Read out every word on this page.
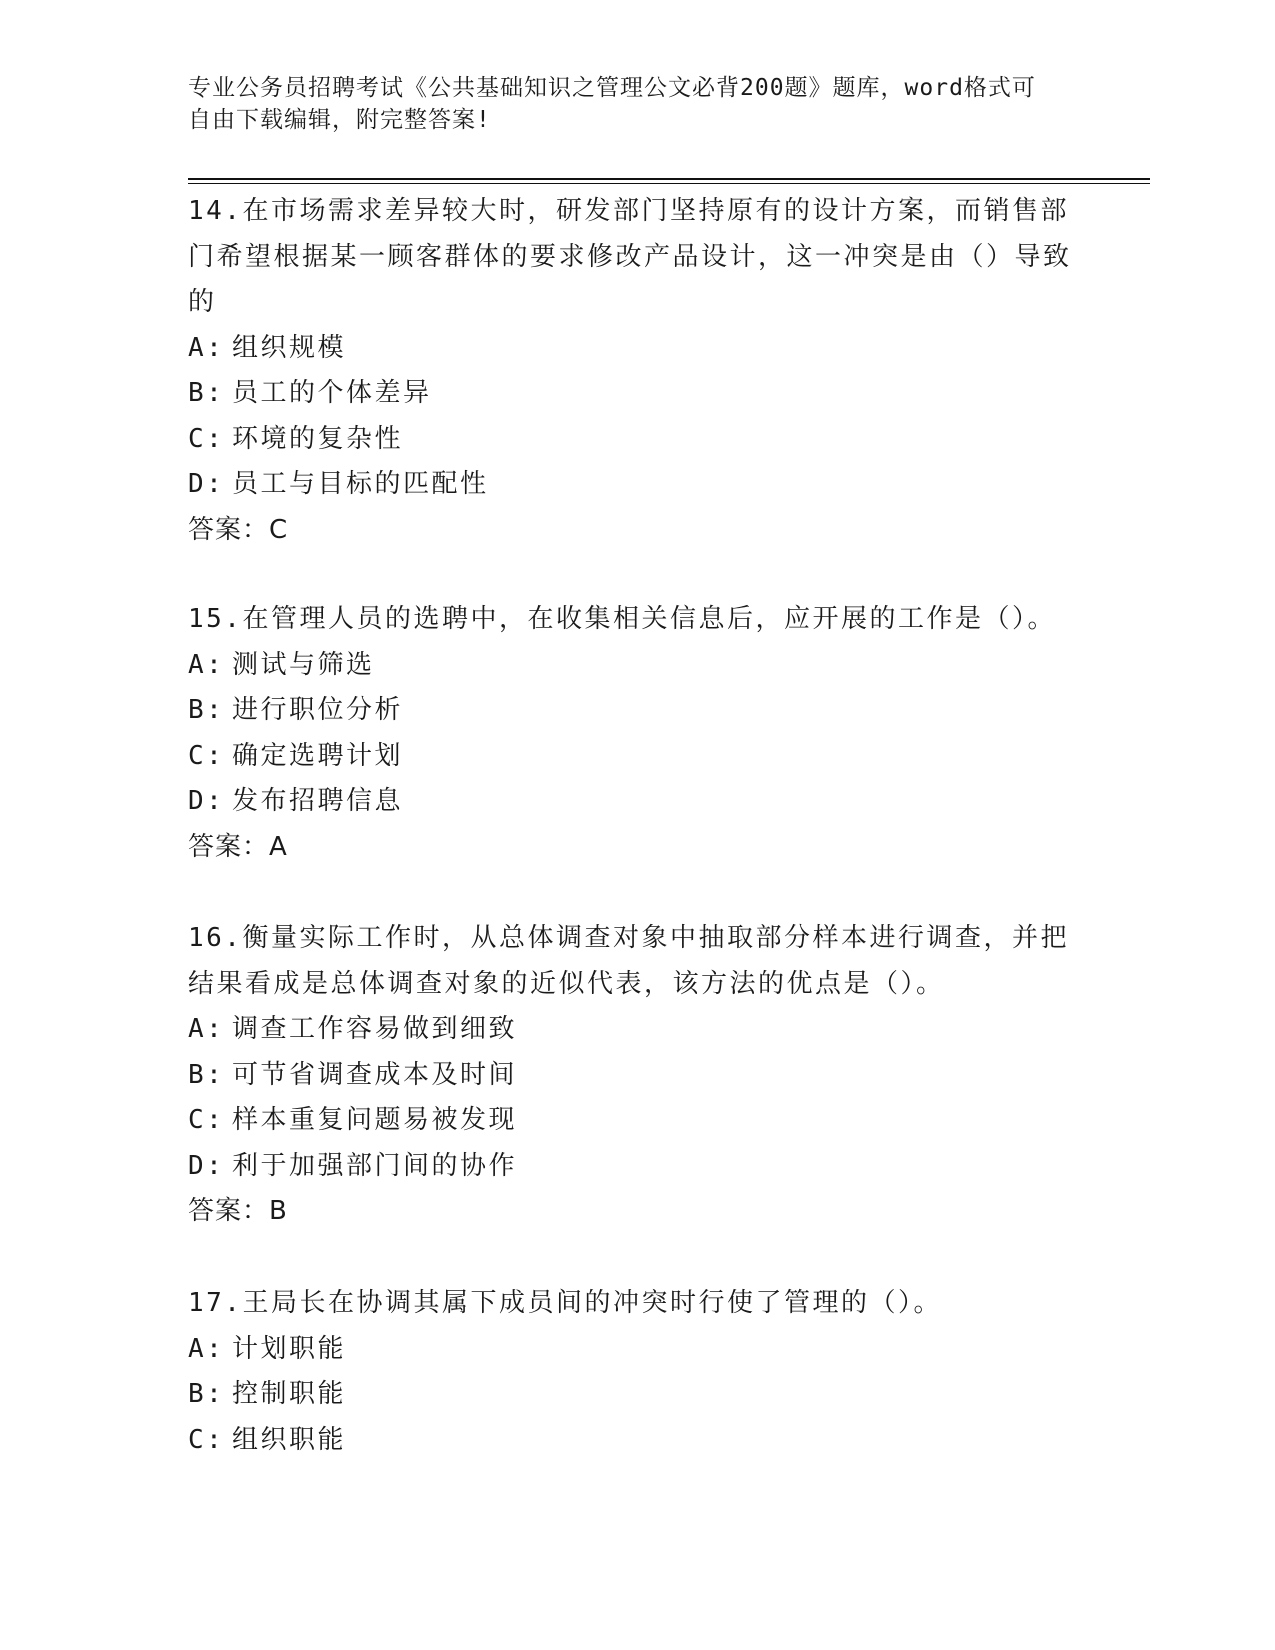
专业公务员招聘考试《公共基础知识之管理公文必背200题》题库，word格式可
自由下载编辑，附完整答案!

14.在市场需求差异较大时，研发部门坚持原有的设计方案，而销售部门希望根据某一顾客群体的要求修改产品设计，这一冲突是由（）导致的

A: 组织规模

B: 员工的个体差异

C: 环境的复杂性

D: 员工与目标的匹配性

答案：C

15.在管理人员的选聘中，在收集相关信息后，应开展的工作是（）。

A: 测试与筛选

B: 进行职位分析

C: 确定选聘计划

D: 发布招聘信息

答案：A

16.衡量实际工作时，从总体调查对象中抽取部分样本进行调查，并把结果看成是总体调查对象的近似代表，该方法的优点是（）。

A: 调查工作容易做到细致

B: 可节省调查成本及时间

C: 样本重复问题易被发现

D: 利于加强部门间的协作

答案：B

17.王局长在协调其属下成员间的冲突时行使了管理的（）。

A: 计划职能

B: 控制职能

C: 组织职能
